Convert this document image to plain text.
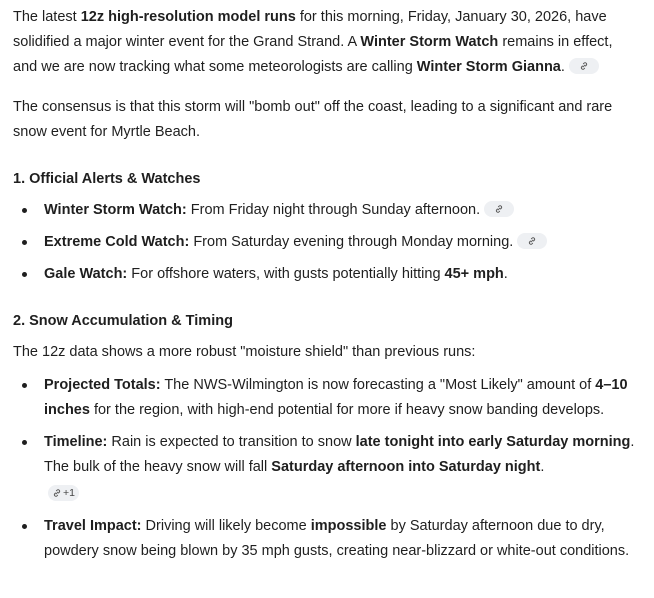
The latest 12z high-resolution model runs for this morning, Friday, January 30, 2026, have solidified a major winter event for the Grand Strand. A Winter Storm Watch remains in effect, and we are now tracking what some meteorologists are calling Winter Storm Gianna.

The consensus is that this storm will "bomb out" off the coast, leading to a significant and rare snow event for Myrtle Beach.

1. Official Alerts & Watches
Winter Storm Watch: From Friday night through Sunday afternoon.
Extreme Cold Watch: From Saturday evening through Monday morning.
Gale Watch: For offshore waters, with gusts potentially hitting 45+ mph.
2. Snow Accumulation & Timing

The 12z data shows a more robust "moisture shield" than previous runs:

Projected Totals: The NWS-Wilmington is now forecasting a "Most Likely" amount of 4–10 inches for the region, with high-end potential for more if heavy snow banding develops.
Timeline: Rain is expected to transition to snow late tonight into early Saturday morning. The bulk of the heavy snow will fall Saturday afternoon into Saturday night.
+1
Travel Impact: Driving will likely become impossible by Saturday afternoon due to dry, powdery snow being blown by 35 mph gusts, creating near-blizzard or white-out conditions.
